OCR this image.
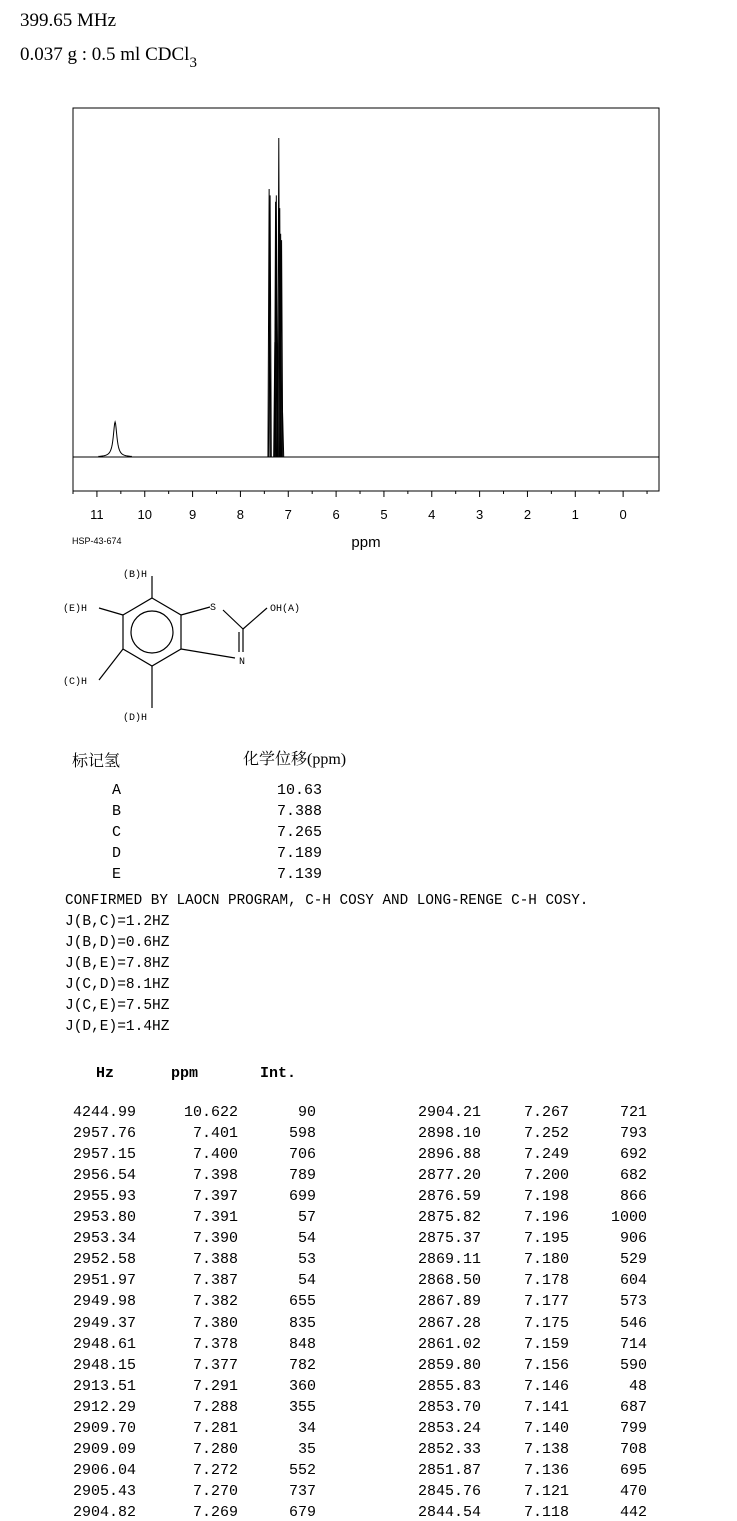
399.65 MHz
0.037 g : 0.5 ml CDCl$_3$
11	10	9	8	7	6	5	4	3	2	1	0
ppm
HSP-43-674
(B)H
(E)H
(C)H
(D)H
S
N
OH(A)
标记氢	化学位移(ppm)
A	10.63
B	7.388
C	7.265
D	7.189
E	7.139
CONFIRMED BY LAOCN PROGRAM, C-H COSY AND LONG-RENGE C-H COSY.
J(B,C)=1.2HZ
J(B,D)=0.6HZ
J(B,E)=7.8HZ
J(C,D)=8.1HZ
J(C,E)=7.5HZ
J(D,E)=1.4HZ
Hz	ppm	Int.
4244.99	10.622	90
2957.76	7.401	598
2957.15	7.400	706
2956.54	7.398	789
2955.93	7.397	699
2953.80	7.391	57
2953.34	7.390	54
2952.58	7.388	53
2951.97	7.387	54
2949.98	7.382	655
2949.37	7.380	835
2948.61	7.378	848
2948.15	7.377	782
2913.51	7.291	360
2912.29	7.288	355
2909.70	7.281	34
2909.09	7.280	35
2906.04	7.272	552
2905.43	7.270	737
2904.82	7.269	679
2904.21	7.267	721
2898.10	7.252	793
2896.88	7.249	692
2877.20	7.200	682
2876.59	7.198	866
2875.82	7.196	1000
2875.37	7.195	906
2869.11	7.180	529
2868.50	7.178	604
2867.89	7.177	573
2867.28	7.175	546
2861.02	7.159	714
2859.80	7.156	590
2855.83	7.146	48
2853.70	7.141	687
2853.24	7.140	799
2852.33	7.138	708
2851.87	7.136	695
2845.76	7.121	470
2844.54	7.118	442
